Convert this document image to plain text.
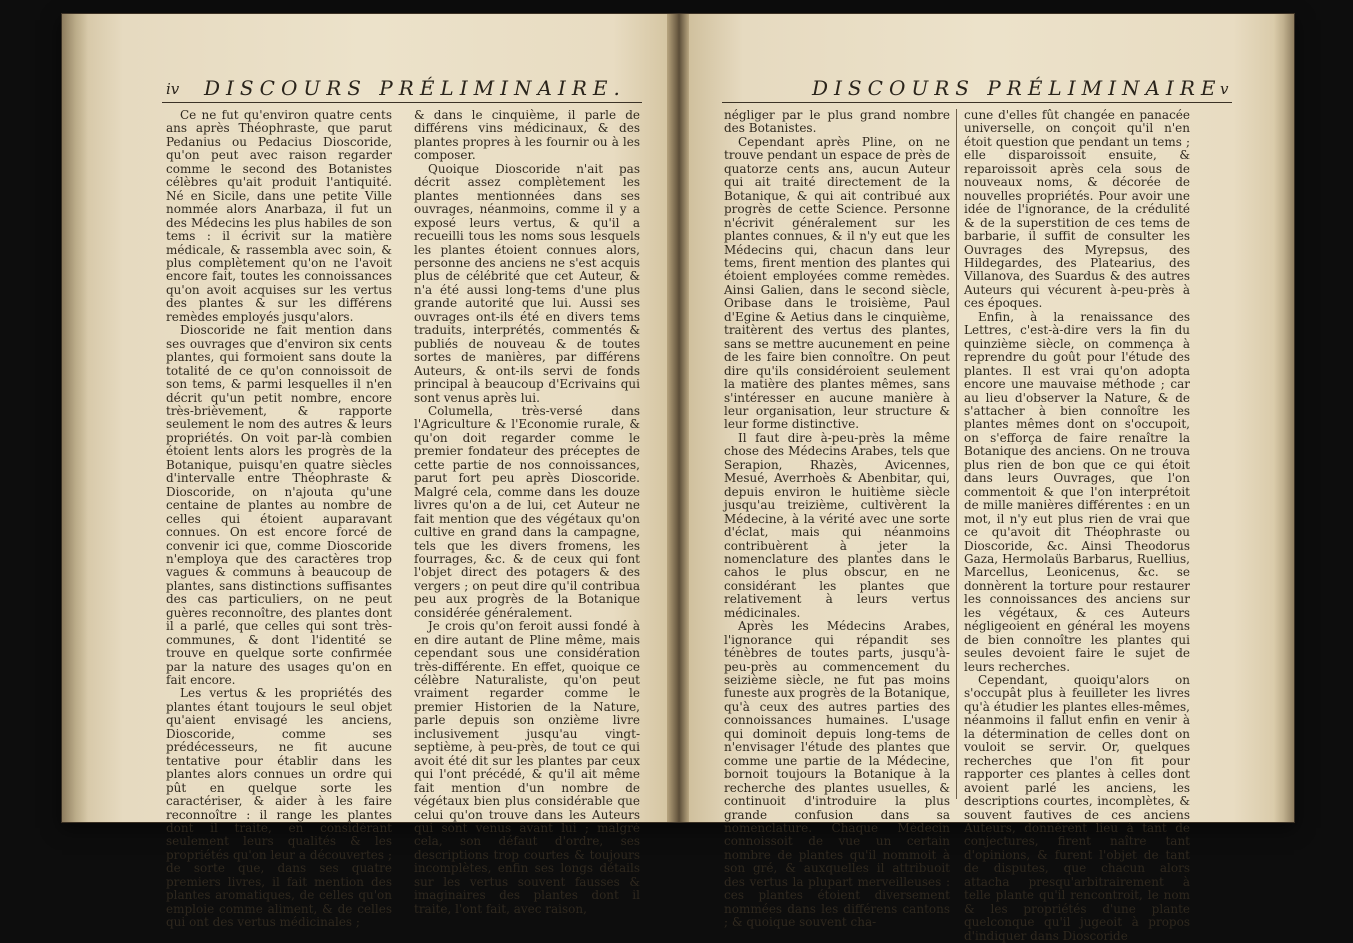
iv DISCOURS PRÉLIMINAIRE.

Ce ne fut qu'environ quatre cents ans après Théophraste, que parut Pedanius ou Pedacius Dioscoride, qu'on peut avec raison regarder comme le second des Botanistes célèbres qu'ait produit l'antiquité. Né en Sicile, dans une petite Ville nommée alors Anarbaza, il fut un des Médecins les plus habiles de son tems : il écrivit sur la matière médicale, & rassembla avec soin, & plus complètement qu'on ne l'avoit encore fait, toutes les connoissances qu'on avoit acquises sur les vertus des plantes & sur les différens remèdes employés jusqu'alors.

Dioscoride ne fait mention dans ses ouvrages que d'environ six cents plantes, qui formoient sans doute la totalité de ce qu'on connoissoit de son tems, & parmi lesquelles il n'en décrit qu'un petit nombre, encore très-brièvement, & rapporte seulement le nom des autres & leurs propriétés. On voit par-là combien étoient lents alors les progrès de la Botanique, puisqu'en quatre siècles d'intervalle entre Théophraste & Dioscoride, on n'ajouta qu'une centaine de plantes au nombre de celles qui étoient auparavant connues. On est encore forcé de convenir ici que, comme Dioscoride n'employa que des caractères trop vagues & communs à beaucoup de plantes, sans distinctions suffisantes des cas particuliers, on ne peut guères reconnoître, des plantes dont il a parlé, que celles qui sont très-communes, & dont l'identité se trouve en quelque sorte confirmée par la nature des usages qu'on en fait encore.

Les vertus & les propriétés des plantes étant toujours le seul objet qu'aient envisagé les anciens, Dioscoride, comme ses prédécesseurs, ne fit aucune tentative pour établir dans les plantes alors connues un ordre qui pût en quelque sorte les caractériser, & aider à les faire reconnoître : il range les plantes dont il traite, en considérant seulement leurs qualités & les propriétés qu'on leur a découvertes ; de sorte que, dans ses quatre premiers livres, il fait mention des plantes aromatiques, de celles qu'on emploie comme aliment, & de celles qui ont des vertus médicinales ;

& dans le cinquième, il parle de différens vins médicinaux, & des plantes propres à les fournir ou à les composer.

Quoique Dioscoride n'ait pas décrit assez complètement les plantes mentionnées dans ses ouvrages, néanmoins, comme il y a exposé leurs vertus, & qu'il a recueilli tous les noms sous lesquels les plantes étoient connues alors, personne des anciens ne s'est acquis plus de célébrité que cet Auteur, & n'a été aussi long-tems d'une plus grande autorité que lui. Aussi ses ouvrages ont-ils été en divers tems traduits, interprétés, commentés & publiés de nouveau & de toutes sortes de manières, par différens Auteurs, & ont-ils servi de fonds principal à beaucoup d'Ecrivains qui sont venus après lui.

Columella, très-versé dans l'Agriculture & l'Economie rurale, & qu'on doit regarder comme le premier fondateur des préceptes de cette partie de nos connoissances, parut fort peu après Dioscoride. Malgré cela, comme dans les douze livres qu'on a de lui, cet Auteur ne fait mention que des végétaux qu'on cultive en grand dans la campagne, tels que les divers fromens, les fourrages, &c. & de ceux qui font l'objet direct des potagers & des vergers ; on peut dire qu'il contribua peu aux progrès de la Botanique considérée généralement.

Je crois qu'on feroit aussi fondé à en dire autant de Pline même, mais cependant sous une considération très-différente. En effet, quoique ce célèbre Naturaliste, qu'on peut vraiment regarder comme le premier Historien de la Nature, parle depuis son onzième livre inclusivement jusqu'au vingt-septième, à peu-près, de tout ce qui avoit été dit sur les plantes par ceux qui l'ont précédé, & qu'il ait même fait mention d'un nombre de végétaux bien plus considérable que celui qu'on trouve dans les Auteurs qui sont venus avant lui ; malgré cela, son défaut d'ordre, ses descriptions trop courtes & toujours incomplètes, enfin ses longs détails sur les vertus souvent fausses & imaginaires des plantes dont il traite, l'ont fait, avec raison,

DISCOURS PRÉLIMINAIRE
v

négliger par le plus grand nombre des Botanistes.

Cependant après Pline, on ne trouve pendant un espace de près de quatorze cents ans, aucun Auteur qui ait traité directement de la Botanique, & qui ait contribué aux progrès de cette Science. Personne n'écrivit généralement sur les plantes connues, & il n'y eut que les Médecins qui, chacun dans leur tems, firent mention des plantes qui étoient employées comme remèdes. Ainsi Galien, dans le second siècle, Oribase dans le troisième, Paul d'Egine & Aetius dans le cinquième, traitèrent des vertus des plantes, sans se mettre aucunement en peine de les faire bien connoître. On peut dire qu'ils considéroient seulement la matière des plantes mêmes, sans s'intéresser en aucune manière à leur organisation, leur structure & leur forme distinctive.

Il faut dire à-peu-près la même chose des Médecins Arabes, tels que Serapion, Rhazès, Avicennes, Mesué, Averrhoès & Abenbitar, qui, depuis environ le huitième siècle jusqu'au treizième, cultivèrent la Médecine, à la vérité avec une sorte d'éclat, mais qui néanmoins contribuèrent à jeter la nomenclature des plantes dans le cahos le plus obscur, en ne considérant les plantes que relativement à leurs vertus médicinales.

Après les Médecins Arabes, l'ignorance qui répandit ses ténèbres de toutes parts, jusqu'à-peu-près au commencement du seizième siècle, ne fut pas moins funeste aux progrès de la Botanique, qu'à ceux des autres parties des connoissances humaines. L'usage qui dominoit depuis long-tems de n'envisager l'étude des plantes que comme une partie de la Médecine, bornoit toujours la Botanique à la recherche des plantes usuelles, & continuoit d'introduire la plus grande confusion dans sa nomenclature. Chaque Médecin connoissoit de vue un certain nombre de plantes qu'il nommoit à son gré, & auxquelles il attribuoit des vertus la plupart merveilleuses : ces plantes étoient diversement nommées dans les différens cantons ; & quoique souvent cha-

cune d'elles fût changée en panacée universelle, on conçoit qu'il n'en étoit question que pendant un tems ; elle disparoissoit ensuite, & reparoissoit après cela sous de nouveaux noms, & décorée de nouvelles propriétés. Pour avoir une idée de l'ignorance, de la crédulité & de la superstition de ces tems de barbarie, il suffit de consulter les Ouvrages des Myrepsus, des Hildegardes, des Platearius, des Villanova, des Suardus & des autres Auteurs qui vécurent à-peu-près à ces époques.

Enfin, à la renaissance des Lettres, c'est-à-dire vers la fin du quinzième siècle, on commença à reprendre du goût pour l'étude des plantes. Il est vrai qu'on adopta encore une mauvaise méthode ; car au lieu d'observer la Nature, & de s'attacher à bien connoître les plantes mêmes dont on s'occupoit, on s'efforça de faire renaître la Botanique des anciens. On ne trouva plus rien de bon que ce qui étoit dans leurs Ouvrages, que l'on commentoit & que l'on interprétoit de mille manières différentes : en un mot, il n'y eut plus rien de vrai que ce qu'avoit dit Théophraste ou Dioscoride, &c. Ainsi Theodorus Gaza, Hermolaüs Barbarus, Ruellius, Marcellus, Leonicenus, &c. se donnèrent la torture pour restaurer les connoissances des anciens sur les végétaux, & ces Auteurs négligeoient en général les moyens de bien connoître les plantes qui seules devoient faire le sujet de leurs recherches.

Cependant, quoiqu'alors on s'occupât plus à feuilleter les livres qu'à étudier les plantes elles-mêmes, néanmoins il fallut enfin en venir à la détermination de celles dont on vouloit se servir. Or, quelques recherches que l'on fit pour rapporter ces plantes à celles dont avoient parlé les anciens, les descriptions courtes, incomplètes, & souvent fautives de ces anciens Auteurs, donnèrent lieu à tant de conjectures, firent naître tant d'opinions, & furent l'objet de tant de disputes, que chacun alors attacha presqu'arbitrairement à telle plante qu'il rencontroit, le nom & les propriétés d'une plante quelconque qu'il jugeoit à propos d'indiquer dans Dioscoride
